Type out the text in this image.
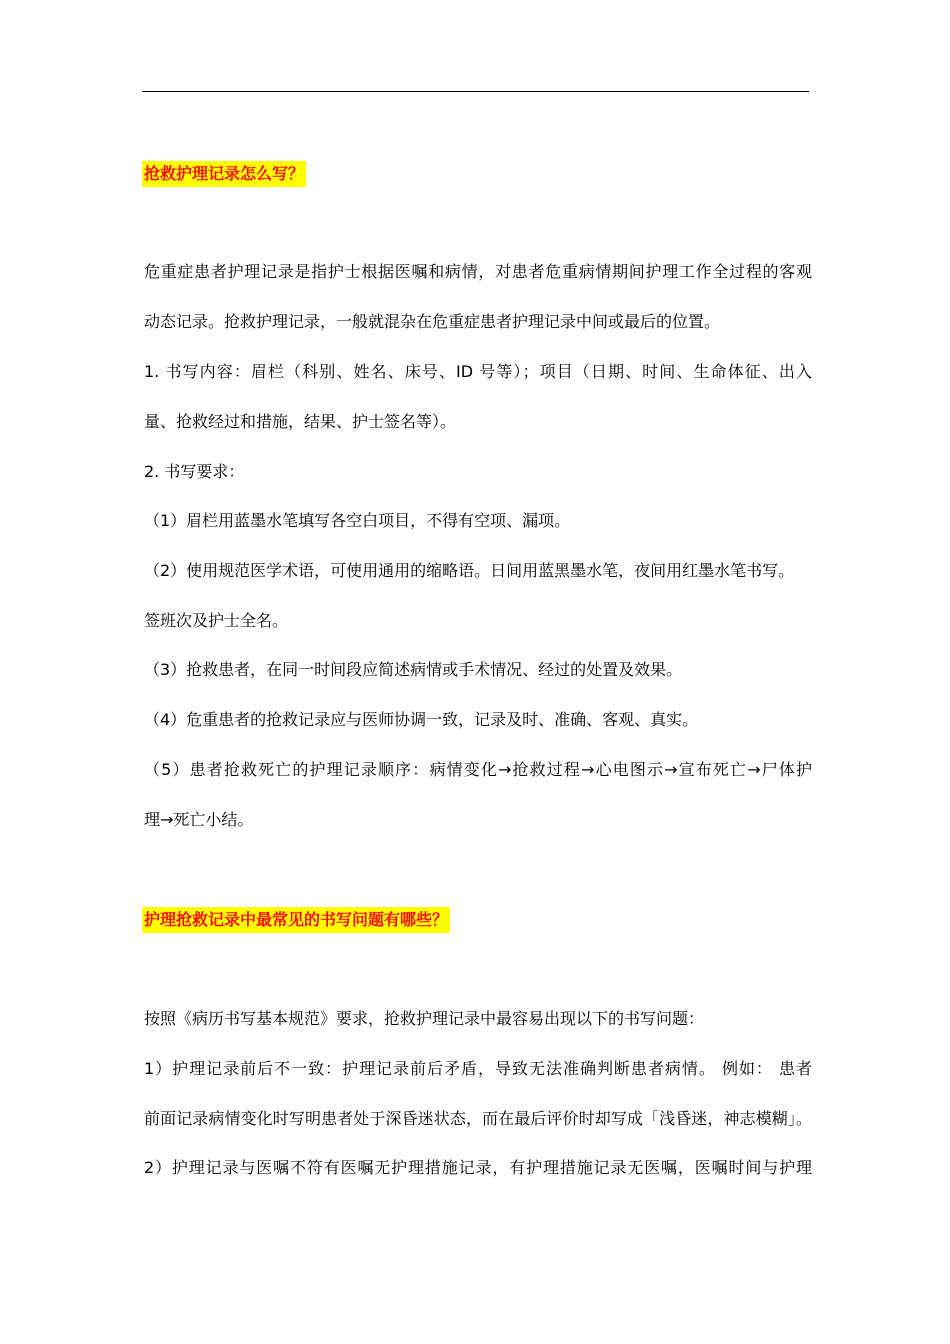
抢救护理记录怎么写？
危重症患者护理记录是指护士根据医嘱和病情，对患者危重病情期间护理工作全过程的客观
动态记录。抢救护理记录，一般就混杂在危重症患者护理记录中间或最后的位置。
1. 书写内容：眉栏（科别、姓名、床号、ID 号等）；项目（日期、时间、生命体征、出入
量、抢救经过和措施，结果、护士签名等）。
2. 书写要求：
（1）眉栏用蓝墨水笔填写各空白项目，不得有空项、漏项。
（2）使用规范医学术语，可使用通用的缩略语。日间用蓝黑墨水笔，夜间用红墨水笔书写。
签班次及护士全名。
（3）抢救患者，在同一时间段应简述病情或手术情况、经过的处置及效果。
（4）危重患者的抢救记录应与医师协调一致，记录及时、准确、客观、真实。
（5）患者抢救死亡的护理记录顺序：病情变化→抢救过程→心电图示→宣布死亡→尸体护
理→死亡小结。
护理抢救记录中最常见的书写问题有哪些？
按照《病历书写基本规范》要求，抢救护理记录中最容易出现以下的书写问题：
1）护理记录前后不一致：护理记录前后矛盾，导致无法准确判断患者病情。 例如： 患者
前面记录病情变化时写明患者处于深昏迷状态，而在最后评价时却写成「浅昏迷，神志模糊」。
2）护理记录与医嘱不符有医嘱无护理措施记录，有护理措施记录无医嘱，医嘱时间与护理
